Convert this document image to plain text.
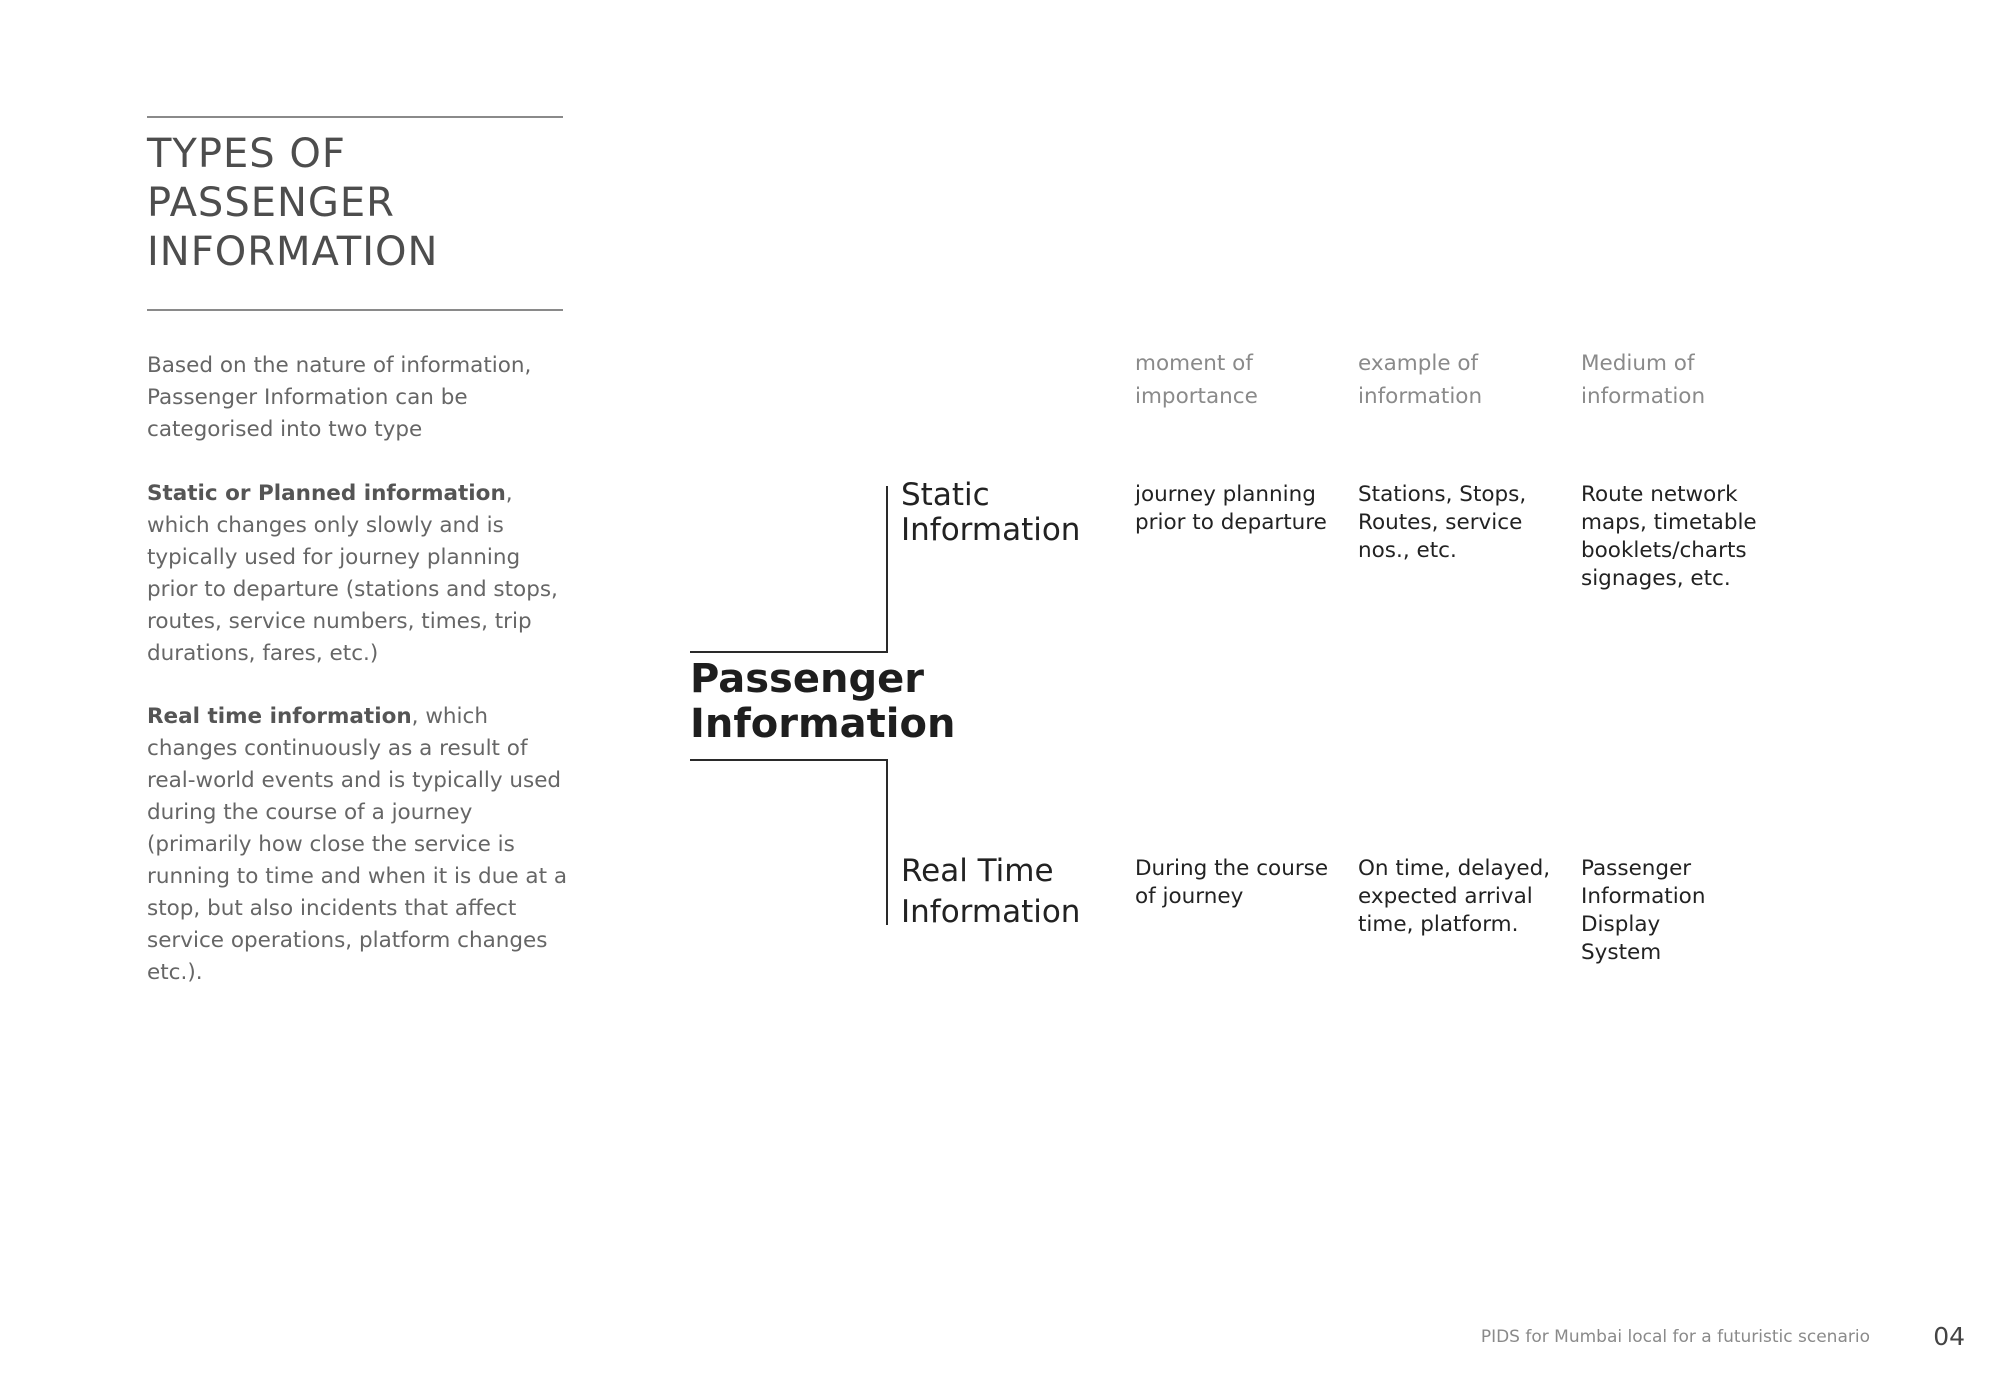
TYPES OF
PASSENGER
INFORMATION

Based on the nature of information, Passenger Information can be categorised into two type

Static or Planned information, which changes only slowly and is typically used for journey planning prior to departure (stations and stops, routes, service numbers, times, trip durations, fares, etc.)

Real time information, which changes continuously as a result of real-world events and is typically used during the course of a journey (primarily how close the service is running to time and when it is due at a stop, but also incidents that affect service operations, platform changes etc.).

Passenger
Information
Static
Information
Real Time
Information
moment of
importance
example of
information
Medium of
information
journey planning
prior to departure
Stations, Stops,
Routes, service
nos., etc.
Route network
maps, timetable
booklets/charts
signages, etc.
During the course
of journey
On time, delayed,
expected arrival
time, platform.
Passenger
Information
Display
System
PIDS for Mumbai local for a futuristic scenario	04
